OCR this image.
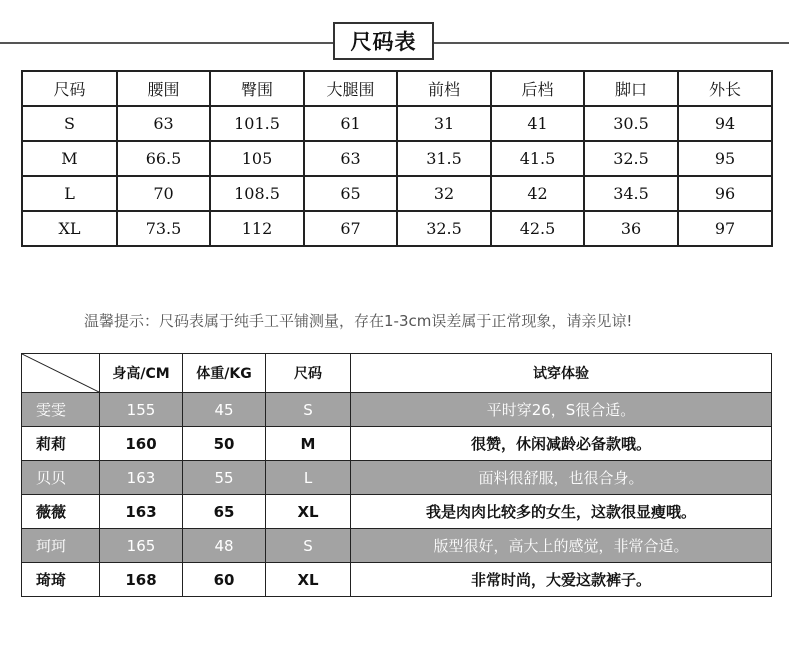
尺码表
尺码	腰围	臀围	大腿围	前档	后档	脚口	外长
S	63	101.5	61	31	41	30.5	94
M	66.5	105	63	31.5	41.5	32.5	95
L	70	108.5	65	32	42	34.5	96
XL	73.5	112	67	32.5	42.5	36	97
温馨提示：尺码表属于纯手工平铺测量，存在1-3cm误差属于正常现象，请亲见谅!
	身高/CM	体重/KG	尺码	试穿体验
雯雯	155	45	S	平时穿26，S很合适。
莉莉	160	50	M	很赞，休闲减龄必备款哦。
贝贝	163	55	L	面料很舒服，也很合身。
薇薇	163	65	XL	我是肉肉比较多的女生，这款很显瘦哦。
珂珂	165	48	S	版型很好，高大上的感觉，非常合适。
琦琦	168	60	XL	非常时尚，大爱这款裤子。
